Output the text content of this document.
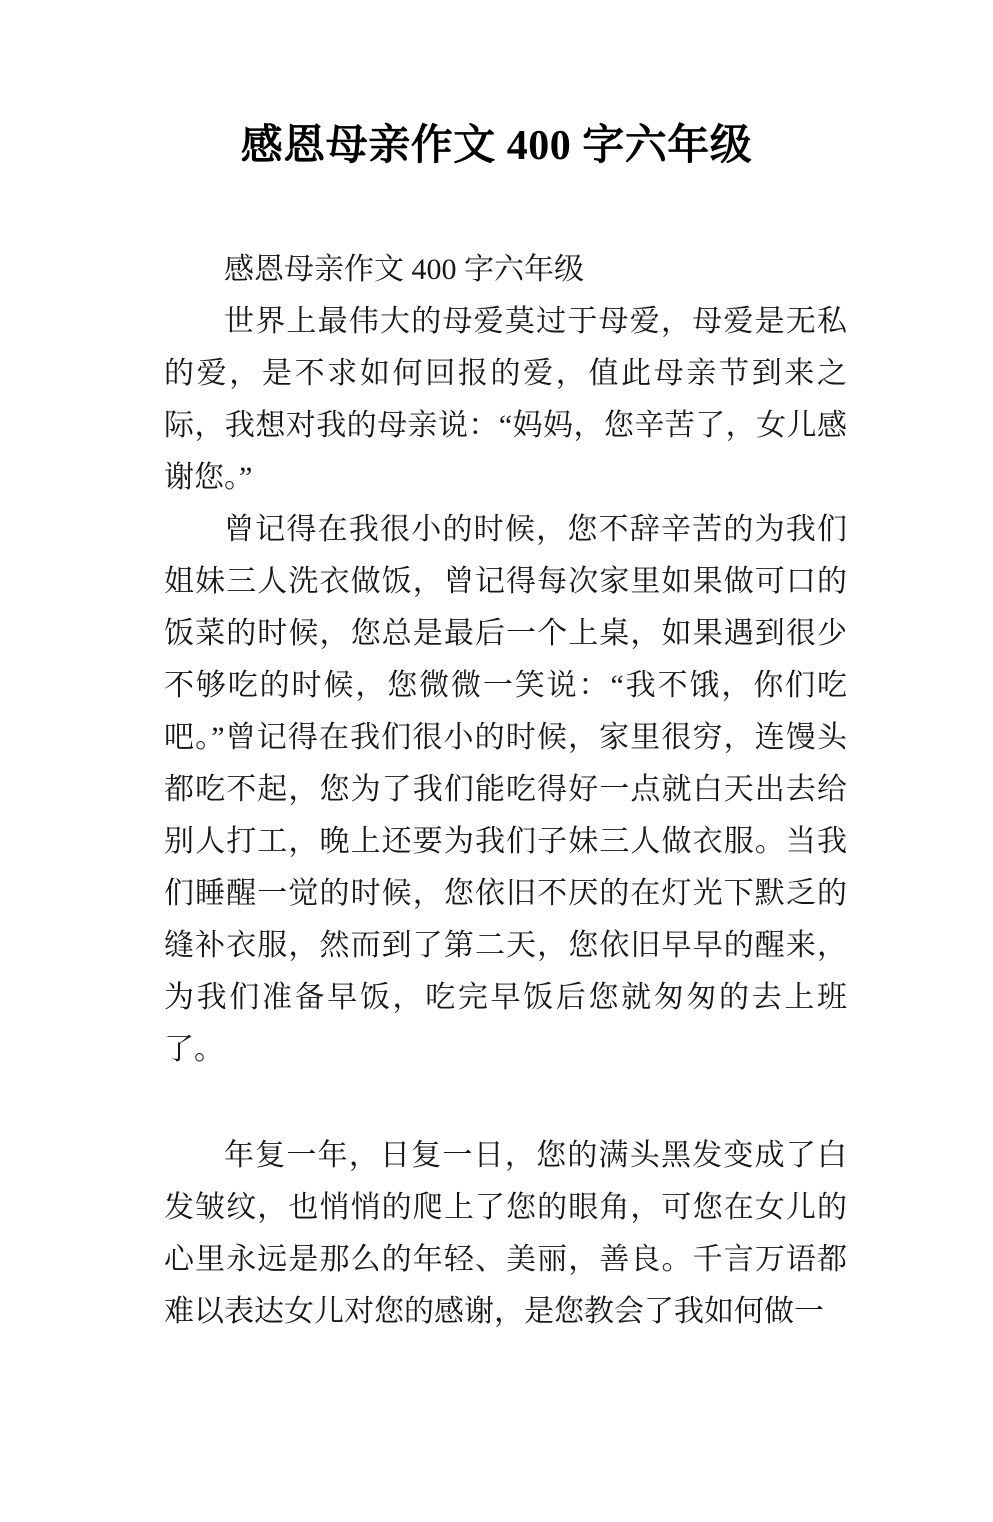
感恩母亲作文 400 字六年级

感恩母亲作文 400 字六年级

世界上最伟大的母爱莫过于母爱，母爱是无私的爱，是不求如何回报的爱，值此母亲节到来之际，我想对我的母亲说：“妈妈，您辛苦了，女儿感谢您。”

曾记得在我很小的时候，您不辞辛苦的为我们姐妹三人洗衣做饭，曾记得每次家里如果做可口的饭菜的时候，您总是最后一个上桌，如果遇到很少不够吃的时候，您微微一笑说：“我不饿，你们吃吧。”曾记得在我们很小的时候，家里很穷，连馒头都吃不起，您为了我们能吃得好一点就白天出去给别人打工，晚上还要为我们子妹三人做衣服。当我们睡醒一觉的时候，您依旧不厌的在灯光下默乏的缝补衣服，然而到了第二天，您依旧早早的醒来，为我们准备早饭，吃完早饭后您就匆匆的去上班了。

年复一年，日复一日，您的满头黑发变成了白发皱纹，也悄悄的爬上了您的眼角，可您在女儿的心里永远是那么的年轻、美丽，善良。千言万语都难以表达女儿对您的感谢，是您教会了我如何做一
